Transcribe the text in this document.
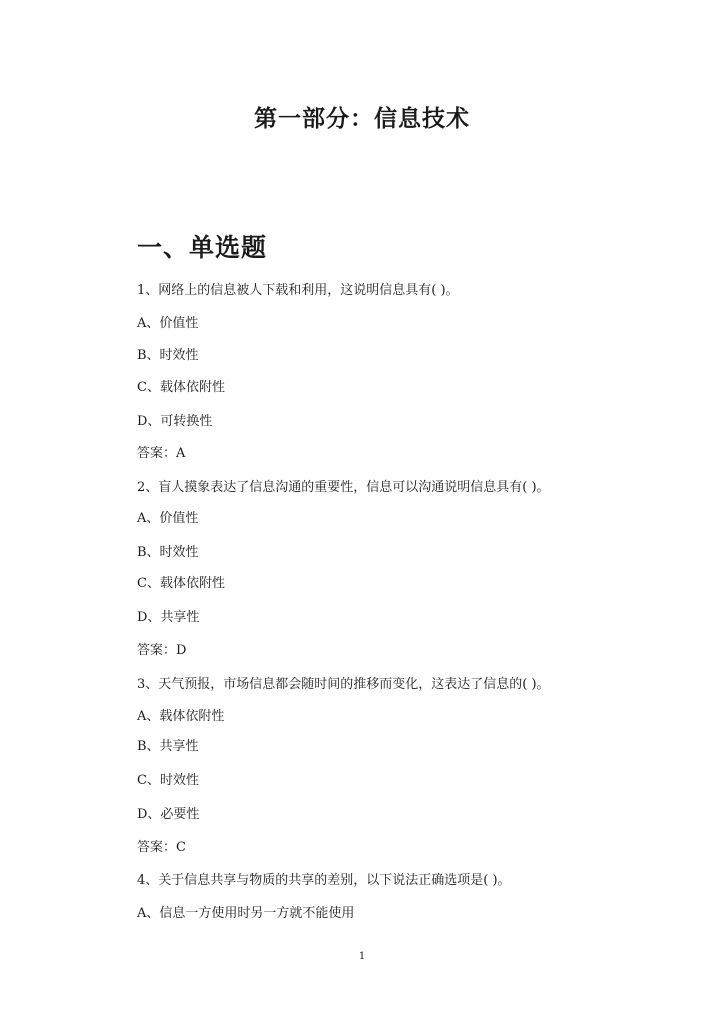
第一部分：信息技术
一、单选题
1、网络上的信息被人下载和利用，这说明信息具有( )。
A、价值性
B、时效性
C、载体依附性
D、可转换性
答案：A
2、盲人摸象表达了信息沟通的重要性，信息可以沟通说明信息具有( )。
A、价值性
B、时效性
C、载体依附性
D、共享性
答案：D
3、天气预报，市场信息都会随时间的推移而变化，这表达了信息的( )。
A、载体依附性
B、共享性
C、时效性
D、必要性
答案：C
4、关于信息共享与物质的共享的差别，以下说法正确选项是( )。
A、信息一方使用时另一方就不能使用
1
